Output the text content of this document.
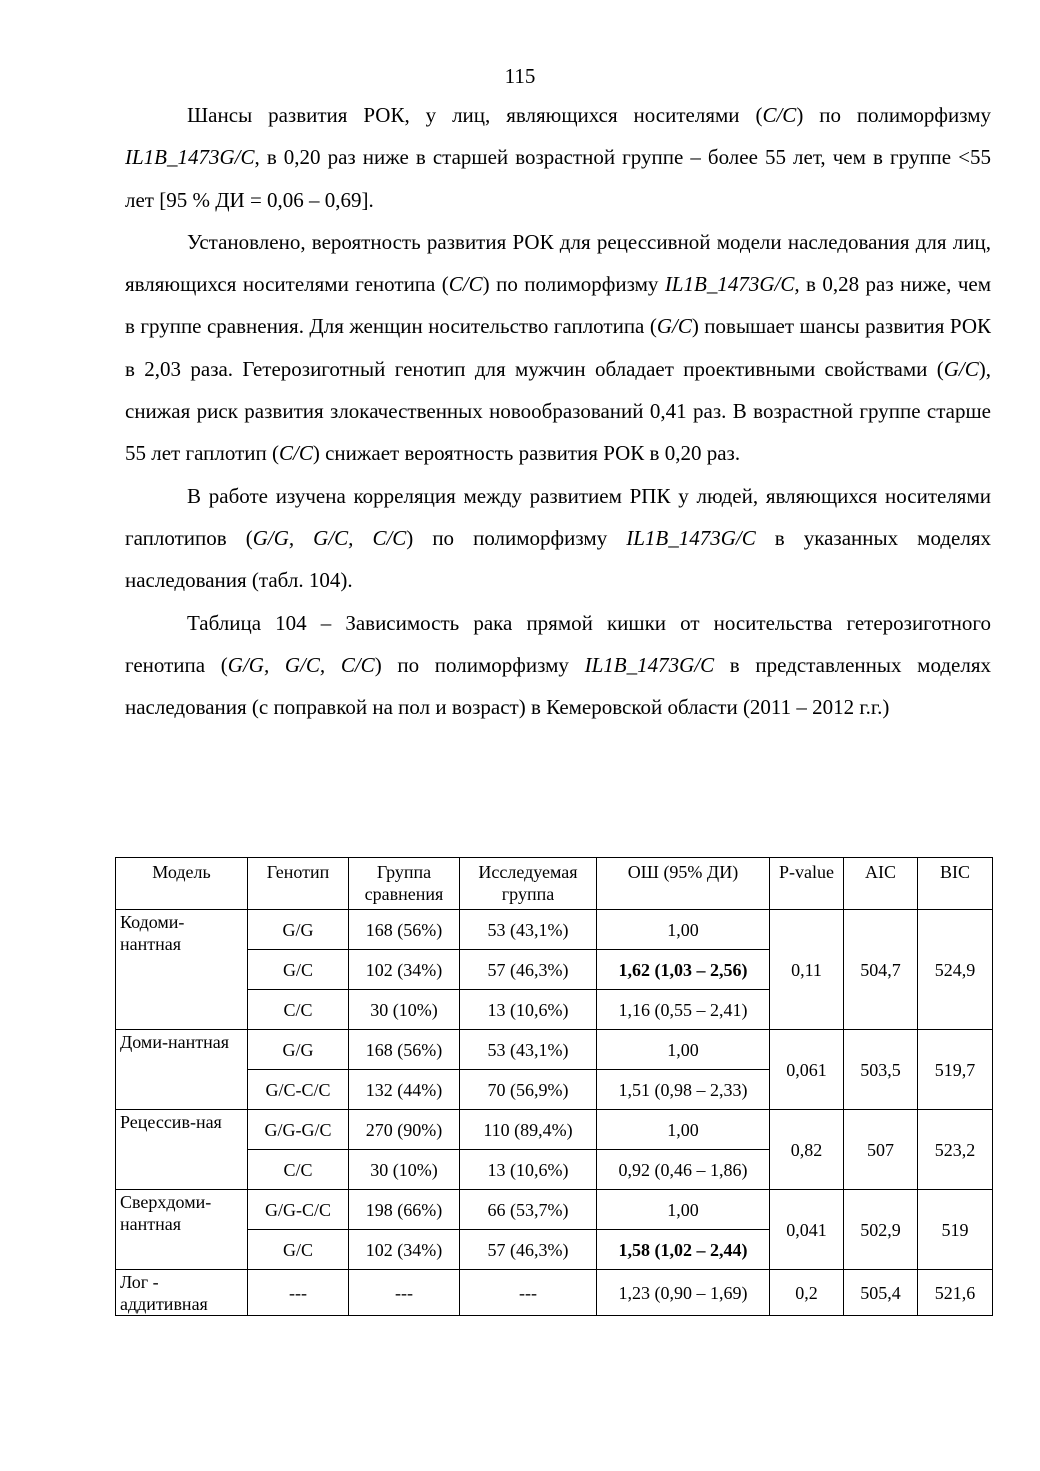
115

Шансы развития РОК, у лиц, являющихся носителями (C/C) по полиморфизму IL1B_1473G/C, в 0,20 раз ниже в старшей возрастной группе – более 55 лет, чем в группе <55 лет [95 % ДИ = 0,06 – 0,69].

Установлено, вероятность развития РОК для рецессивной модели наследования для лиц, являющихся носителями генотипа (C/C) по полиморфизму IL1B_1473G/C, в 0,28 раз ниже, чем в группе сравнения. Для женщин носительство гаплотипа (G/C) повышает шансы развития РОК в 2,03 раза. Гетерозиготный генотип для мужчин обладает проективными свойствами (G/C), снижая риск развития злокачественных новообразований 0,41 раз. В возрастной группе старше 55 лет гаплотип (C/C) снижает вероятность развития РОК в 0,20 раз.

В работе изучена корреляция между развитием РПК у людей, являющихся носителями гаплотипов (G/G, G/C, C/C) по полиморфизму IL1B_1473G/C в указанных моделях наследования (табл. 104).

Таблица 104 – Зависимость рака прямой кишки от носительства гетерозиготного генотипа (G/G, G/C, C/C) по полиморфизму IL1B_1473G/C в представленных моделях наследования (с поправкой на пол и возраст) в Кемеровской области (2011 – 2012 г.г.)

Модель	Генотип	Группа сравнения	Исследуемая группа	ОШ (95% ДИ)	P-value	AIC	BIC
Кодоми-нантная	G/G	168 (56%)	53 (43,1%)	1,00	0,11	504,7	524,9
	G/C	102 (34%)	57 (46,3%)	1,62 (1,03 – 2,56)			
	C/C	30 (10%)	13 (10,6%)	1,16 (0,55 – 2,41)			
Доми-нантная	G/G	168 (56%)	53 (43,1%)	1,00	0,061	503,5	519,7
	G/C-C/C	132 (44%)	70 (56,9%)	1,51 (0,98 – 2,33)			
Рецессив-ная	G/G-G/C	270 (90%)	110 (89,4%)	1,00	0,82	507	523,2
	C/C	30 (10%)	13 (10,6%)	0,92 (0,46 – 1,86)			
Сверхдоми-нантная	G/G-C/C	198 (66%)	66 (53,7%)	1,00	0,041	502,9	519
	G/C	102 (34%)	57 (46,3%)	1,58 (1,02 – 2,44)			
Лог - аддитивная	---	---	---	1,23 (0,90 – 1,69)	0,2	505,4	521,6
